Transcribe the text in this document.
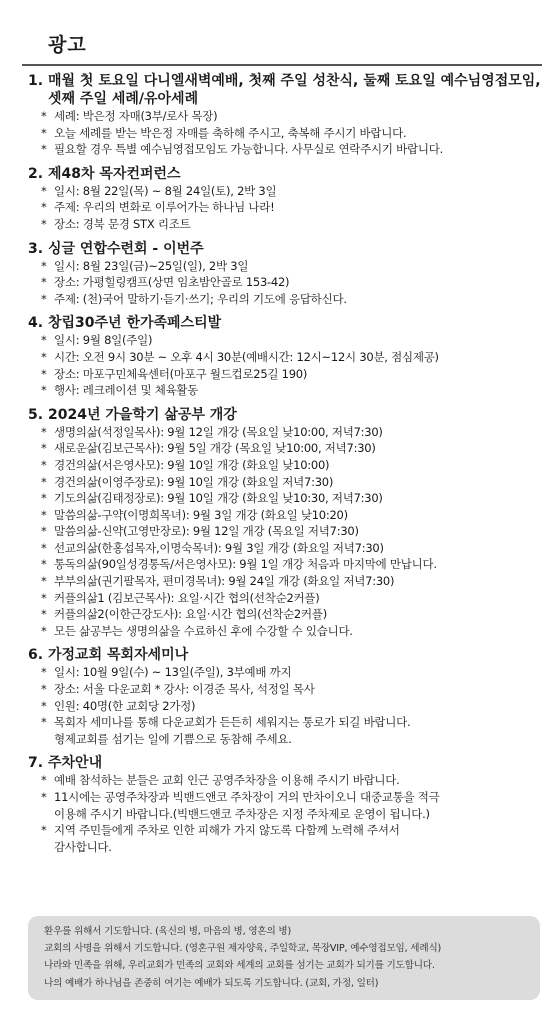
광고
1. 매월 첫 토요일 다니엘새벽예배, 첫째 주일 성찬식, 둘째 토요일 예수님영접모임, 셋째 주일 세례/유아세례
* 세례: 박은정 자매(3부/로사 목장)
* 오늘 세례를 받는 박은정 자매를 축하해 주시고, 축복해 주시기 바랍니다.
* 필요할 경우 특별 예수님영접모임도 가능합니다. 사무실로 연락주시기 바랍니다.
2. 제48차 목자컨퍼런스
* 일시: 8월 22일(목) ~ 8월 24일(토), 2박 3일
* 주제: 우리의 변화로 이루어가는 하나님 나라!
* 장소: 경북 문경 STX 리조트
3. 싱글 연합수련회 - 이번주
* 일시: 8월 23일(금)~25일(일), 2박 3일
* 장소: 가평힐링캠프(상면 임초밤안골로 153-42)
* 주제: (천)국어 말하기·듣기·쓰기; 우리의 기도에 응답하신다.
4. 창립30주년 한가족페스티발
* 일시: 9월 8일(주일)
* 시간: 오전 9시 30분 ~ 오후 4시 30분(예배시간: 12시~12시 30분, 점심제공)
* 장소: 마포구민체육센터(마포구 월드컵로25길 190)
* 행사: 레크레이션 및 체육활동
5. 2024년 가을학기 삶공부 개강
* 생명의삶(석정일목사): 9월 12일 개강 (목요일 낮10:00, 저녁7:30)
* 새로운삶(김보근목사): 9월 5일 개강 (목요일 낮10:00, 저녁7:30)
* 경건의삶(서은영사모): 9월 10일 개강 (화요일 낮10:00)
* 경건의삶(이영주장로): 9월 10일 개강 (화요일 저녁7:30)
* 기도의삶(김태정장로): 9월 10일 개강 (화요일 낮10:30, 저녁7:30)
* 말씀의삶-구약(이명희목녀): 9월 3일 개강 (화요일 낮10:20)
* 말씀의삶-신약(고영만장로): 9월 12일 개강 (목요일 저녁7:30)
* 선교의삶(한홍섭목자,이명숙목녀): 9월 3일 개강 (화요일 저녁7:30)
* 통독의삶(90일성경통독/서은영사모): 9월 1일 개강 처음과 마지막에 만납니다.
* 부부의삶(권기팔목자, 편미경목녀): 9월 24일 개강 (화요일 저녁7:30)
* 커플의삶1 (김보근목사): 요일·시간 협의(선착순2커플)
* 커플의삶2(이한근강도사): 요일·시간 협의(선착순2커플)
* 모든 삶공부는 생명의삶을 수료하신 후에 수강할 수 있습니다.
6. 가정교회 목회자세미나
* 일시: 10월 9일(수) ~ 13일(주일), 3부예배 까지
* 장소: 서울 다운교회 * 강사: 이경준 목사, 석정일 목사
* 인원: 40명(한 교회당 2가정)
* 목회자 세미나를 통해 다운교회가 든든히 세워지는 통로가 되길 바랍니다.
형제교회를 섬기는 일에 기쁨으로 동참해 주세요.
7. 주차안내
* 예배 참석하는 분들은 교회 인근 공영주차장을 이용해 주시기 바랍니다.
* 11시에는 공영주차장과 빅밴드앤코 주차장이 거의 만차이오니 대중교통을 적극
이용해 주시기 바랍니다.(빅밴드앤코 주차장은 지정 주차제로 운영이 됩니다.)
* 지역 주민들에게 주차로 인한 피해가 가지 않도록 다함께 노력해 주셔서
감사합니다.
환우를 위해서 기도합니다. (육신의 병, 마음의 병, 영혼의 병)
교회의 사명을 위해서 기도합니다. (영혼구원 제자양육, 주일학교, 목장VIP, 예수영접모임, 세례식)
나라와 민족을 위해, 우리교회가 민족의 교회와 세계의 교회를 섬기는 교회가 되기를 기도합니다.
나의 예배가 하나님을 존중히 여기는 예배가 되도록 기도합니다. (교회, 가정, 일터)
